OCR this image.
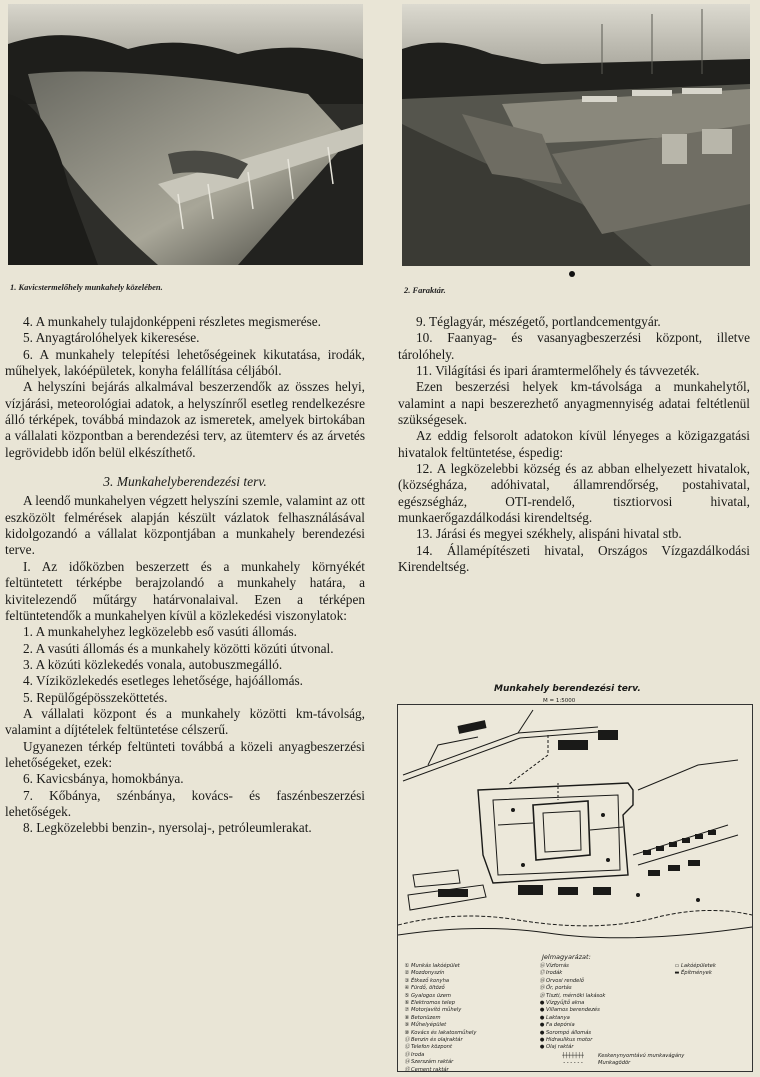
1. Kavicstermelőhely munkahely közelében.	2. Faraktár.

4. A munkahely tulajdonképpeni részletes megismerése.

5. Anyagtárolóhelyek kikeresése.

6. A munkahely telepítési lehetőségeinek kikutatása, irodák, műhelyek, lakóépületek, konyha felállítása céljából.

A helyszíni bejárás alkalmával beszerzendők az összes helyi, vízjárási, meteorológiai adatok, a helyszínről esetleg rendelkezésre álló térképek, továbbá mindazok az ismeretek, amelyek birtokában a vállalati központban a berendezési terv, az ütemterv és az árvetés legrövidebb időn belül elkészíthető.

3. Munkahelyberendezési terv.

A leendő munkahelyen végzett helyszíni szemle, valamint az ott eszközölt felmérések alapján készült vázlatok felhasználásával kidolgozandó a vállalat központjában a munkahely berendezési terve.

I. Az időközben beszerzett és a munkahely környékét feltüntetett térképbe berajzolandó a munkahely határa, a kivitelezendő műtárgy határvonalaival. Ezen a térképen feltüntetendők a munkahelyen kívül a közlekedési viszonylatok:

1. A munkahelyhez legközelebb eső vasúti állomás.

2. A vasúti állomás és a munkahely közötti közúti útvonal.

3. A közúti közlekedés vonala, autobuszmegálló.

4. Víziközlekedés esetleges lehetősége, hajóállomás.

5. Repülőgépösszeköttetés.

A vállalati központ és a munkahely közötti km-távolság, valamint a díjtételek feltüntetése célszerű.

Ugyanezen térkép feltünteti továbbá a közeli anyagbeszerzési lehetőségeket, ezek:

6. Kavicsbánya, homokbánya.

7. Kőbánya, szénbánya, kovács- és faszénbeszerzési lehetőségek.

8. Legközelebbi benzin-, nyersolaj-, petróleumlerakat.

9. Téglagyár, mészégető, portlandcementgyár.

10. Faanyag- és vasanyagbeszerzési központ, illetve tárolóhely.

11. Világítási és ipari áramtermelőhely és távvezeték.

Ezen beszerzési helyek km-távolsága a munkahelytől, valamint a napi beszerezhető anyagmennyiség adatai feltétlenül szükségesek.

Az eddig felsorolt adatokon kívül lényeges a közigazgatási hivatalok feltüntetése, éspedig:

12. A legközelebbi község és az abban elhelyezett hivatalok, (községháza, adóhivatal, államrendőrség, postahivatal, egészségház, OTI-rendelő, tisztiorvosi hivatal, munkaerőgazdálkodási kirendeltség.

13. Járási és megyei székhely, alispáni hivatal stb.

14. Államépítészeti hivatal, Országos Vízgazdálkodási Kirendeltség.

Munkahely berendezési terv.
M = 1:5000
Jelmagyarázat:
① Munkás lakóépület
② Mozdonyszín
③ Étkező konyha
④ Fürdő, öltöző
⑤ Gyalogos üzem
⑥ Elektromos telep
⑦ Motorjavító műhely
⑧ Betonüzem
⑨ Műhelyépület
⑩ Kovács és lakatosműhely
⑪Benzin és olajraktár
⑫Telefon központ
⑬Iroda
⑭Szerszám raktár
⑮Cement raktár
⑯Vízforrás
⑰Irodák
⑱Orvosi rendelő
⑲Őr, portás
⑳Tiszti, mérnöki lakások
● Vízgyűjtő akna
● Villamos berendezés
● Laktanya
● Fa depónia
● Sorompó állomás
● Hidraulikus motor
● Olaj raktár
▭ Lakóépületek
▬ Építmények
┼┼┼┼┼┼┼	Keskenynyomtávú munkavágány
- - - - - -	Munkagödör
